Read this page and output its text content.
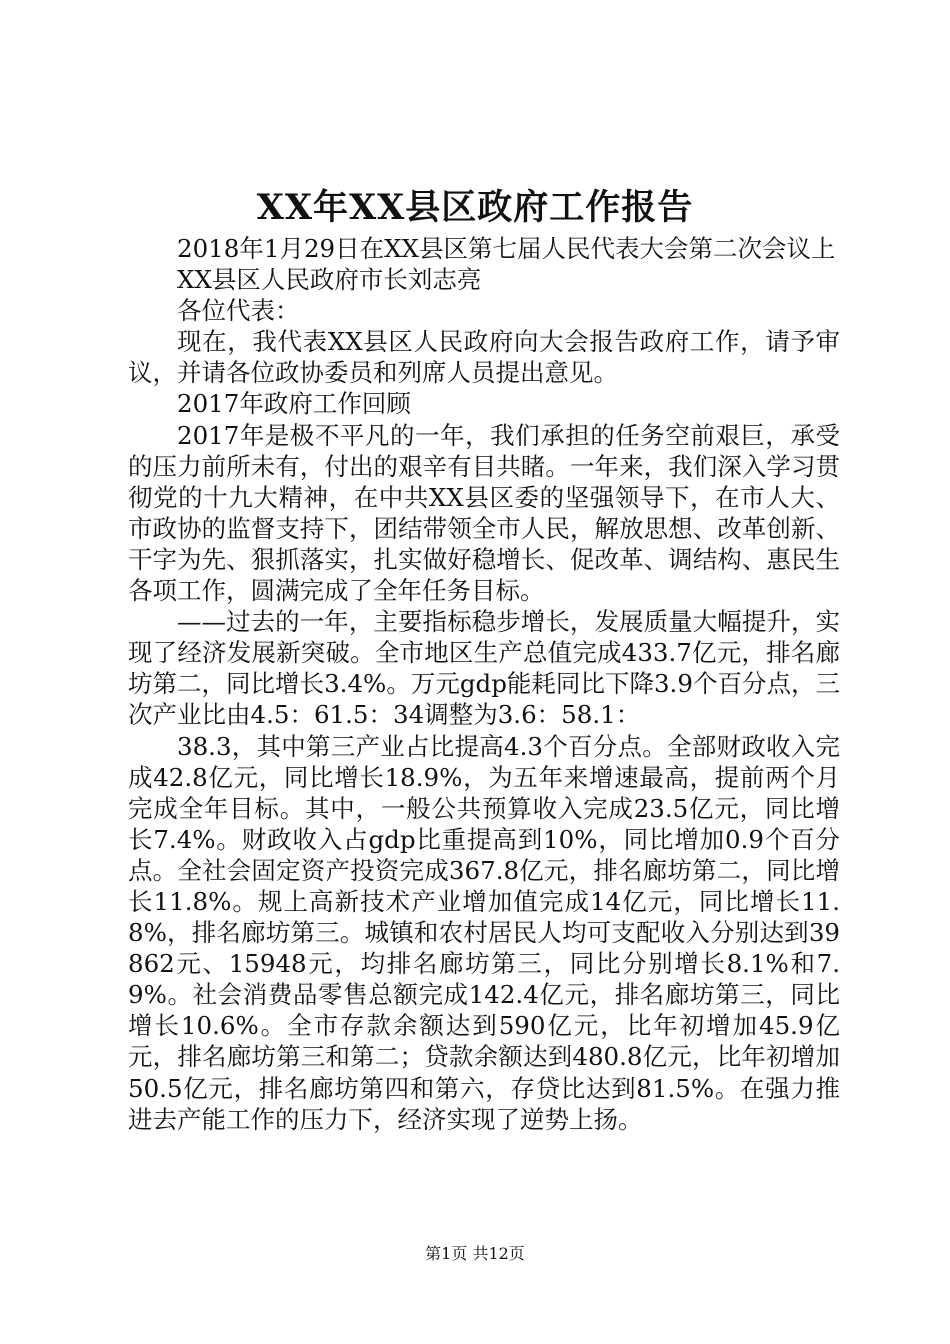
XX年XX县区政府工作报告

2018年1月29日在XX县区第七届人民代表大会第二次会议上

XX县区人民政府市长刘志亮

各位代表：

现在，我代表XX县区人民政府向大会报告政府工作，请予审议，并请各位政协委员和列席人员提出意见。

2017年政府工作回顾

2017年是极不平凡的一年，我们承担的任务空前艰巨，承受的压力前所未有，付出的艰辛有目共睹。一年来，我们深入学习贯彻党的十九大精神，在中共XX县区委的坚强领导下，在市人大、市政协的监督支持下，团结带领全市人民，解放思想、改革创新、干字为先、狠抓落实，扎实做好稳增长、促改革、调结构、惠民生各项工作，圆满完成了全年任务目标。

——过去的一年，主要指标稳步增长，发展质量大幅提升，实现了经济发展新突破。全市地区生产总值完成433.7亿元，排名廊坊第二，同比增长3.4%。万元gdp能耗同比下降3.9个百分点，三次产业比由4.5：61.5：34调整为3.6：58.1：

38.3，其中第三产业占比提高4.3个百分点。全部财政收入完成42.8亿元，同比增长18.9%，为五年来增速最高，提前两个月完成全年目标。其中，一般公共预算收入完成23.5亿元，同比增长7.4%。财政收入占gdp比重提高到10%，同比增加0.9个百分点。全社会固定资产投资完成367.8亿元，排名廊坊第二，同比增长11.8%。规上高新技术产业增加值完成14亿元，同比增长11.8%，排名廊坊第三。城镇和农村居民人均可支配收入分别达到39862元、15948元，均排名廊坊第三，同比分别增长8.1%和7.9%。社会消费品零售总额完成142.4亿元，排名廊坊第三，同比增长10.6%。全市存款余额达到590亿元，比年初增加45.9亿元，排名廊坊第三和第二；贷款余额达到480.8亿元，比年初增加50.5亿元，排名廊坊第四和第六，存贷比达到81.5%。在强力推进去产能工作的压力下，经济实现了逆势上扬。

第1页 共12页
